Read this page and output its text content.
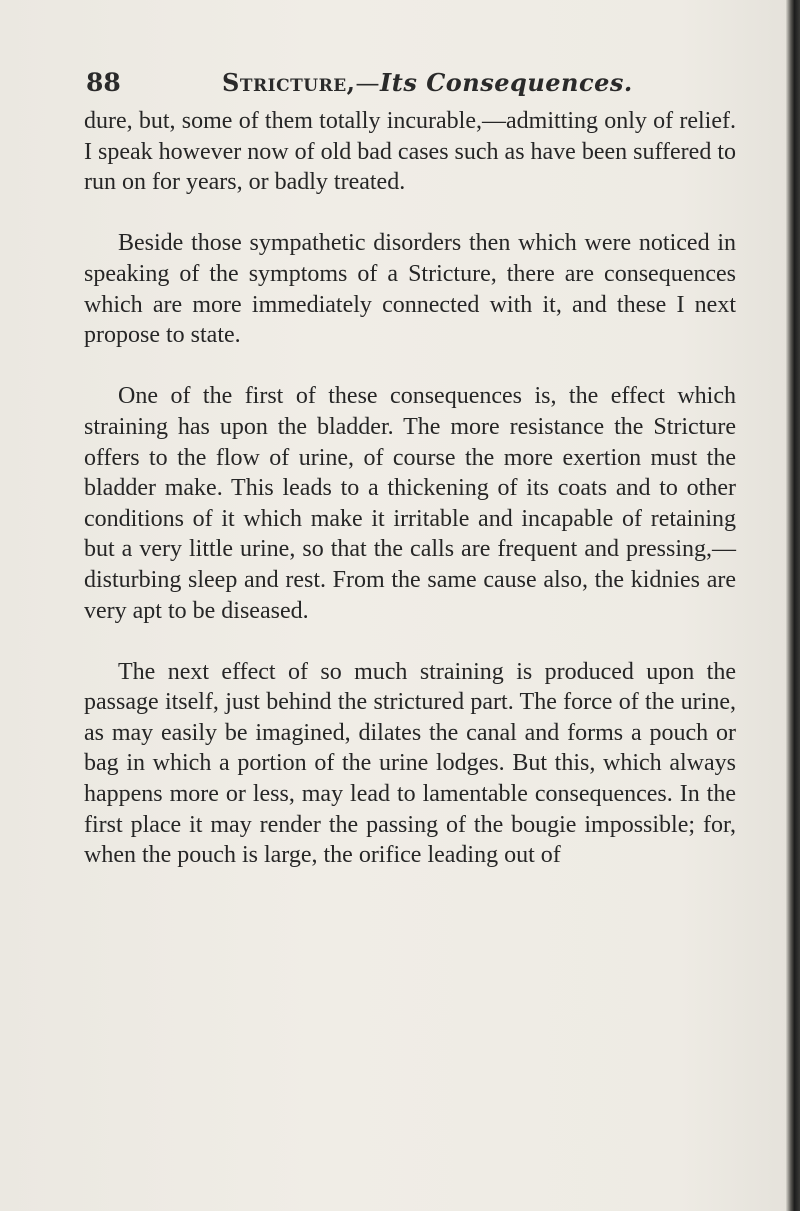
88	Stricture,—Its Consequences.

dure, but, some of them totally incurable,—admitting only of relief. I speak however now of old bad cases such as have been suffered to run on for years, or badly treated.

Beside those sympathetic disorders then which were noticed in speaking of the symptoms of a Stricture, there are consequences which are more immediately connected with it, and these I next propose to state.

One of the first of these consequences is, the effect which straining has upon the bladder. The more resistance the Stricture offers to the flow of urine, of course the more exertion must the bladder make. This leads to a thickening of its coats and to other conditions of it which make it irritable and incapable of retaining but a very little urine, so that the calls are frequent and pressing,—disturbing sleep and rest. From the same cause also, the kidnies are very apt to be diseased.

The next effect of so much straining is produced upon the passage itself, just behind the strictured part. The force of the urine, as may easily be imagined, dilates the canal and forms a pouch or bag in which a portion of the urine lodges. But this, which always happens more or less, may lead to lamentable consequences. In the first place it may render the passing of the bougie impossible; for, when the pouch is large, the orifice leading out of
